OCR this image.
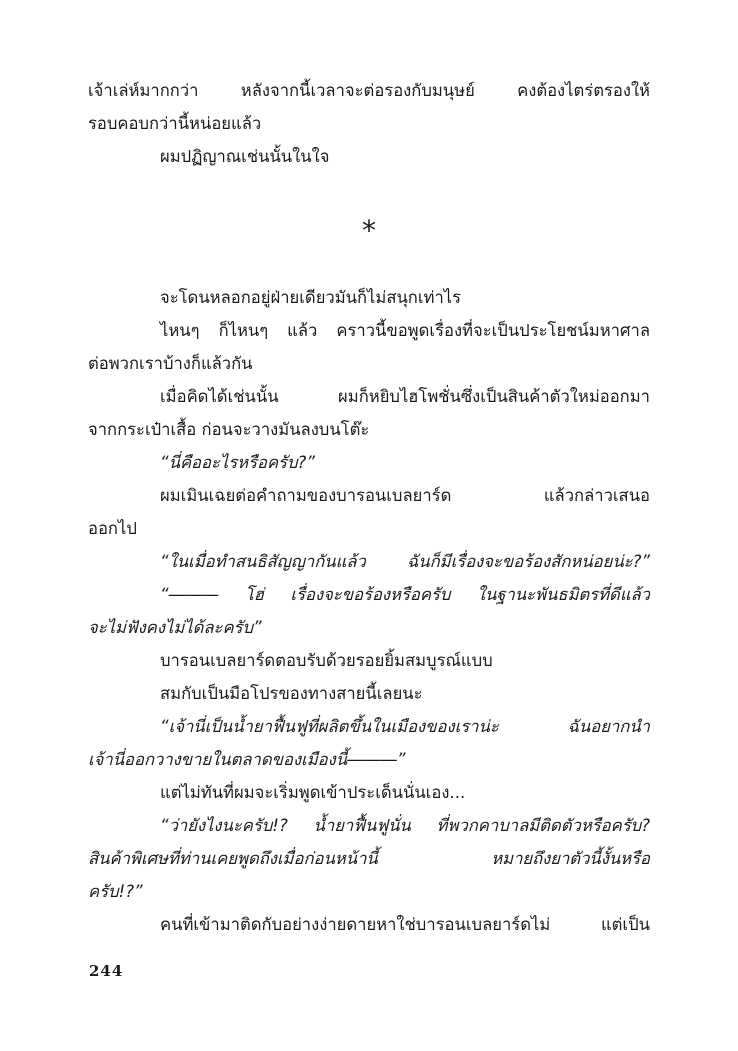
เจ้าเล่ห์มากกว่า หลังจากนี้เวลาจะต่อรองกับมนุษย์ คงต้องไตร่ตรองให้
รอบคอบกว่านี้หน่อยแล้ว
ผมปฏิญาณเช่นนั้นในใจ
*
จะโดนหลอกอยู่ฝ่ายเดียวมันก็ไม่สนุกเท่าไร
ไหนๆ ก็ไหนๆ แล้ว คราวนี้ขอพูดเรื่องที่จะเป็นประโยชน์มหาศาล
ต่อพวกเราบ้างก็แล้วกัน
เมื่อคิดได้เช่นนั้น ผมก็หยิบไฮโพชั่นซึ่งเป็นสินค้าตัวใหม่ออกมา
จากกระเป๋าเสื้อ ก่อนจะวางมันลงบนโต๊ะ
“นี่คืออะไรหรือครับ?”
ผมเมินเฉยต่อคำถามของบารอนเบลยาร์ด แล้วกล่าวเสนอ
ออกไป
“ในเมื่อทำสนธิสัญญากันแล้ว ฉันก็มีเรื่องจะขอร้องสักหน่อยน่ะ?”
“――― โฮ่ เรื่องจะขอร้องหรือครับ ในฐานะพันธมิตรที่ดีแล้ว
จะไม่ฟังคงไม่ได้ละครับ”
บารอนเบลยาร์ดตอบรับด้วยรอยยิ้มสมบูรณ์แบบ
สมกับเป็นมือโปรของทางสายนี้เลยนะ
“เจ้านี่เป็นน้ำยาฟื้นฟูที่ผลิตขึ้นในเมืองของเราน่ะ ฉันอยากนำ
เจ้านี่ออกวางขายในตลาดของเมืองนี้―――”
แต่ไม่ทันที่ผมจะเริ่มพูดเข้าประเด็นนั่นเอง...
“ว่ายังไงนะครับ!? น้ำยาฟื้นฟูนั่น ที่พวกคาบาลมีติดตัวหรือครับ?
สินค้าพิเศษที่ท่านเคยพูดถึงเมื่อก่อนหน้านี้ หมายถึงยาตัวนี้งั้นหรือ
ครับ!?”
คนที่เข้ามาติดกับอย่างง่ายดายหาใช่บารอนเบลยาร์ดไม่ แต่เป็น
244
